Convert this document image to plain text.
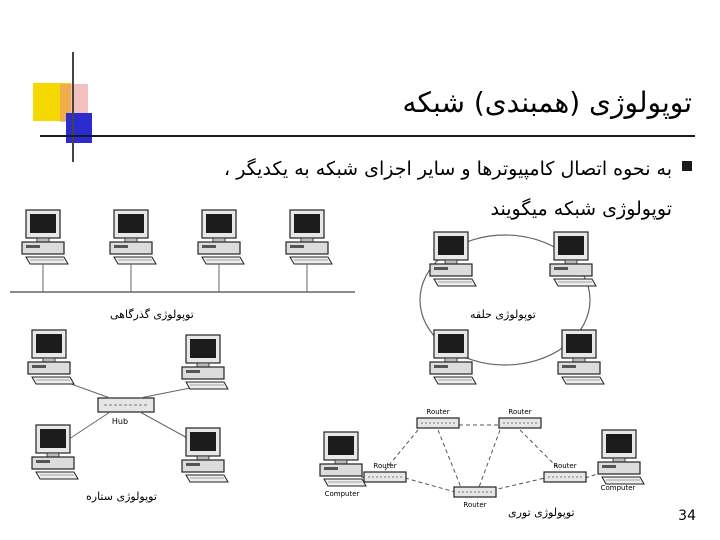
توپولوژی (همبندی) شبکه
به نحوه اتصال کامپیوترها و سایر اجزای شبکه به یکدیگر ،
توپولوژی شبکه میگویند
Hub
Router	Router
Router
Router
Router
Computer
Computer
توپولوژی گذرگاهی	توپولوژی حلقه
توپولوژی ستاره
توپولوژی توری	34
